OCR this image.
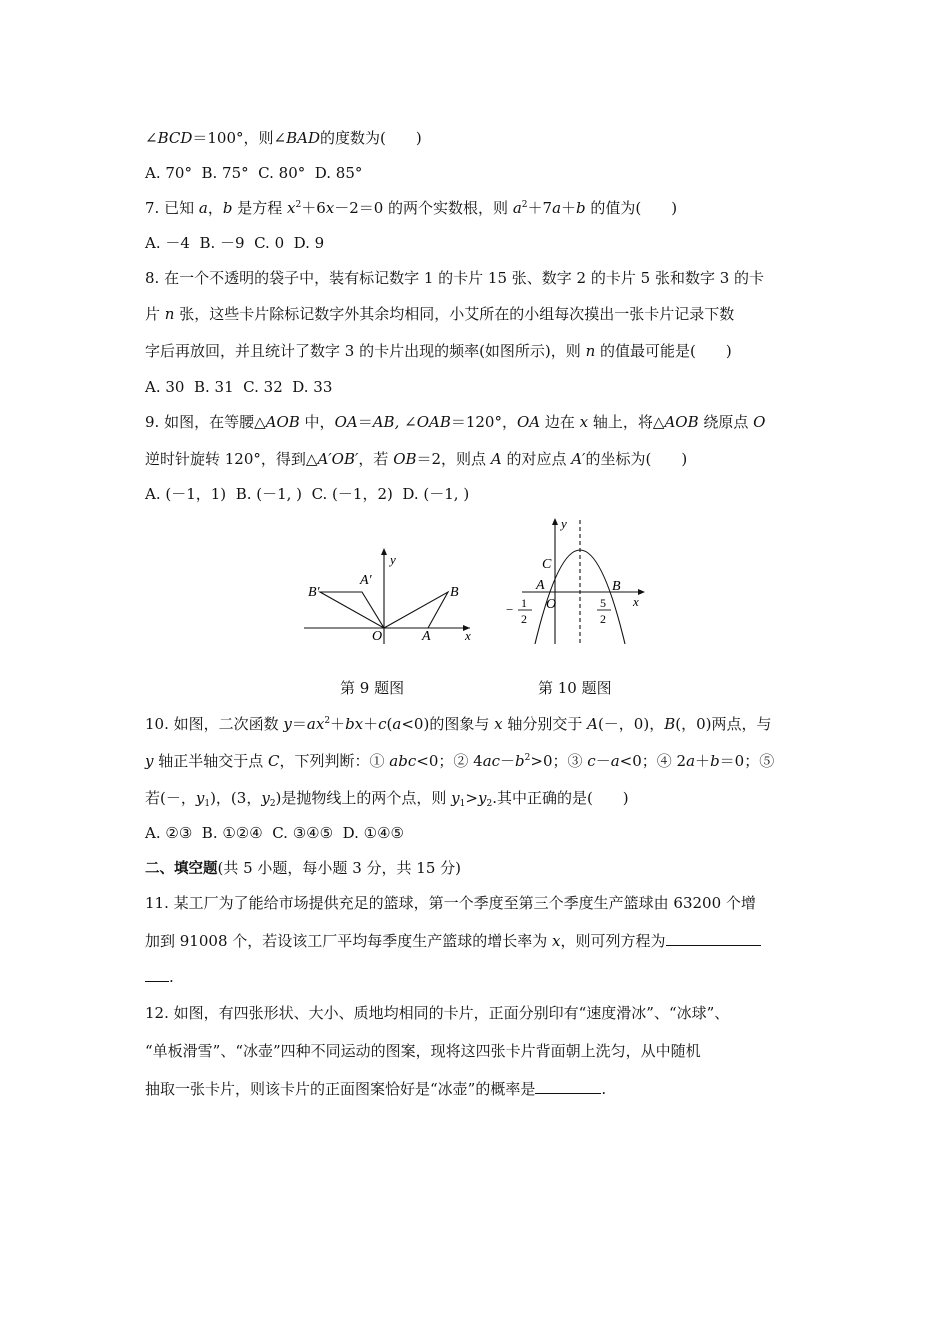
∠BCD＝100°，则∠BAD的度数为(　　)
A. 70°  B. 75°  C. 80°  D. 85°
7. 已知 a，b 是方程 $x^2+6x-2=0$ 的两个实数根，则 $a^2+7a+b$ 的值为(　　)
A. －4  B. －9  C. 0  D. 9
8. 在一个不透明的袋子中，装有标记数字 1 的卡片 15 张、数字 2 的卡片 5 张和数字 3 的卡
片 n 张，这些卡片除标记数字外其余均相同，小艾所在的小组每次摸出一张卡片记录下数
字后再放回，并且统计了数字 3 的卡片出现的频率(如图所示)，则 n 的值最可能是(　　)
A. 30  B. 31  C. 32  D. 33
9. 如图，在等腰△AOB 中，OA＝AB, ∠OAB＝120°，OA 边在 x 轴上，将△AOB 绕原点 O
逆时针旋转 120°，得到△A′OB′，若 OB＝2，则点 A 的对应点 A′的坐标为(　　)
A. (－1，1)  B. (－1, )  C. (－1，2)  D. (－1, )
B′
A′
y
B
O	A	x
y
C
A	B
O	x
− 1
2
5
2
第 9 题图	第 10 题图
10. 如图，二次函数 $y=ax^2+bx+c(a<0)$的图象与 x 轴分别交于 A(－，0)，B(，0)两点，与
y 轴正半轴交于点 C，下列判断：① abc<0；② $4ac-b^2>0$；③ c－a<0；④ 2a＋b＝0；⑤
若(－，$y_1$)，(3，$y_2$)是抛物线上的两个点，则 $y_1>y_2$.其中正确的是(　　)
A. ②③  B. ①②④  C. ③④⑤  D. ①④⑤
二、填空题(共 5 小题，每小题 3 分，共 15 分)
11. 某工厂为了能给市场提供充足的篮球，第一个季度至第三个季度生产篮球由 63200 个增
加到 91008 个，若设该工厂平均每季度生产篮球的增长率为 x，则可列方程为
.
12. 如图，有四张形状、大小、质地均相同的卡片，正面分别印有“速度滑冰”、“冰球”、
“单板滑雪”、“冰壶”四种不同运动的图案，现将这四张卡片背面朝上洗匀，从中随机
抽取一张卡片，则该卡片的正面图案恰好是“冰壶”的概率是	.
